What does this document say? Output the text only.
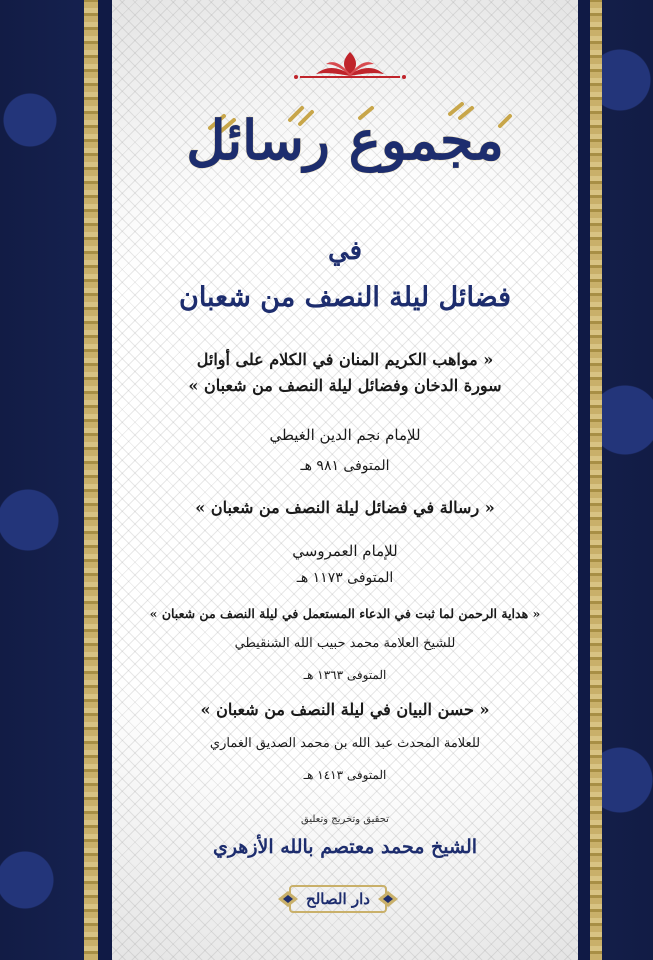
مجموع رسائل
في
فضائل ليلة النصف من شعبان
« مواهب الكريم المنان في الكلام على أوائل
سورة الدخان وفضائل ليلة النصف من شعبان »
للإمام نجم الدين الغيطي
المتوفى ٩٨١ هـ
« رسالة في فضائل ليلة النصف من شعبان »
للإمام العمروسي
المتوفى ١١٧٣ هـ
« هداية الرحمن لما ثبت في الدعاء المستعمل في ليلة النصف من شعبان »
للشيخ العلامة محمد حبيب الله الشنقيطي
المتوفى ١٣٦٣ هـ
« حسن البيان في ليلة النصف من شعبان »
للعلامة المحدث عبد الله بن محمد الصديق الغماري
المتوفى ١٤١٣ هـ
تحقيق وتخريج وتعليق
الشيخ محمد معتصم بالله الأزهري
دار الصالح
